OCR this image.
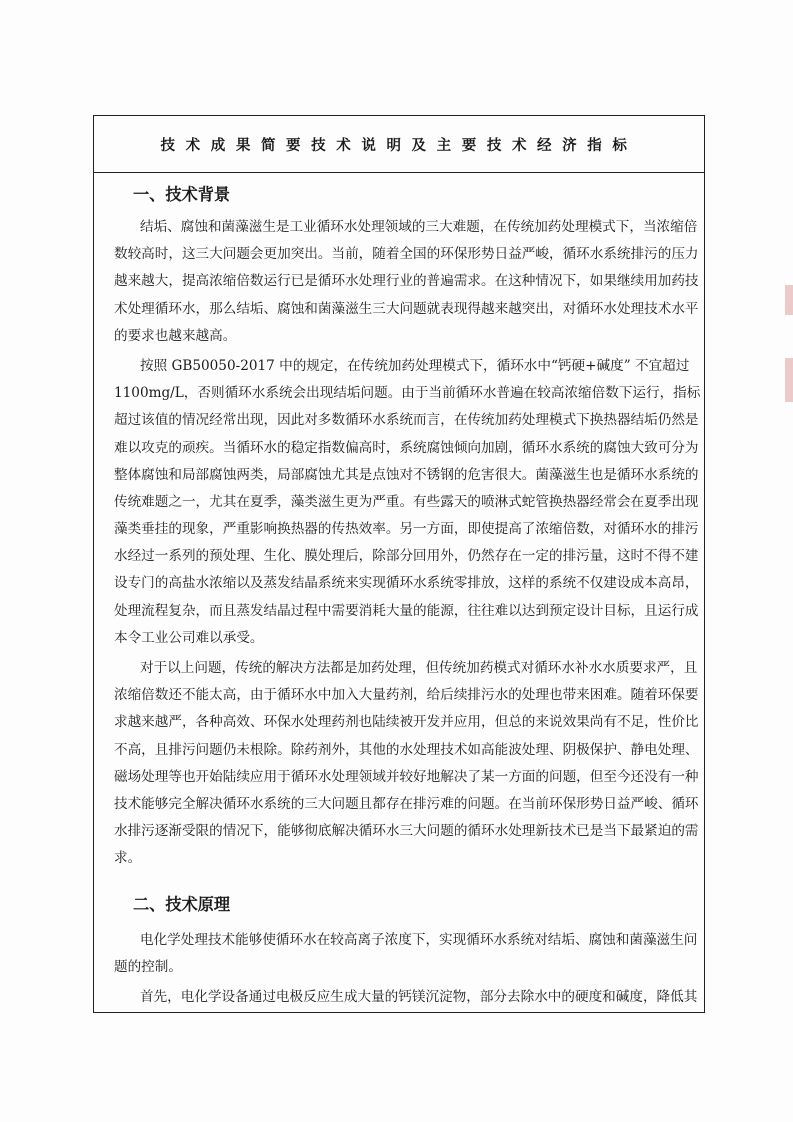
技术成果简要技术说明及主要技术经济指标
一、技术背景
结垢、腐蚀和菌藻滋生是工业循环水处理领域的三大难题，在传统加药处理模式下，当浓缩倍
数较高时，这三大问题会更加突出。当前，随着全国的环保形势日益严峻，循环水系统排污的压力
越来越大，提高浓缩倍数运行已是循环水处理行业的普遍需求。在这种情况下，如果继续用加药技
术处理循环水，那么结垢、腐蚀和菌藻滋生三大问题就表现得越来越突出，对循环水处理技术水平
的要求也越来越高。
按照 GB50050-2017 中的规定，在传统加药处理模式下，循环水中“钙硬+碱度” 不宜超过
1100mg/L，否则循环水系统会出现结垢问题。由于当前循环水普遍在较高浓缩倍数下运行，指标
超过该值的情况经常出现，因此对多数循环水系统而言，在传统加药处理模式下换热器结垢仍然是
难以攻克的顽疾。当循环水的稳定指数偏高时，系统腐蚀倾向加剧，循环水系统的腐蚀大致可分为
整体腐蚀和局部腐蚀两类，局部腐蚀尤其是点蚀对不锈钢的危害很大。菌藻滋生也是循环水系统的
传统难题之一，尤其在夏季，藻类滋生更为严重。有些露天的喷淋式蛇管换热器经常会在夏季出现
藻类垂挂的现象，严重影响换热器的传热效率。另一方面，即使提高了浓缩倍数，对循环水的排污
水经过一系列的预处理、生化、膜处理后，除部分回用外，仍然存在一定的排污量，这时不得不建
设专门的高盐水浓缩以及蒸发结晶系统来实现循环水系统零排放，这样的系统不仅建设成本高昂，
处理流程复杂，而且蒸发结晶过程中需要消耗大量的能源，往往难以达到预定设计目标，且运行成
本令工业公司难以承受。
对于以上问题，传统的解决方法都是加药处理，但传统加药模式对循环水补水水质要求严，且
浓缩倍数还不能太高，由于循环水中加入大量药剂，给后续排污水的处理也带来困难。随着环保要
求越来越严，各种高效、环保水处理药剂也陆续被开发并应用，但总的来说效果尚有不足，性价比
不高，且排污问题仍未根除。除药剂外，其他的水处理技术如高能波处理、阴极保护、静电处理、
磁场处理等也开始陆续应用于循环水处理领域并较好地解决了某一方面的问题，但至今还没有一种
技术能够完全解决循环水系统的三大问题且都存在排污难的问题。在当前环保形势日益严峻、循环
水排污逐渐受限的情况下，能够彻底解决循环水三大问题的循环水处理新技术已是当下最紧迫的需
求。
二、技术原理
电化学处理技术能够使循环水在较高离子浓度下，实现循环水系统对结垢、腐蚀和菌藻滋生问
题的控制。
首先，电化学设备通过电极反应生成大量的钙镁沉淀物，部分去除水中的硬度和碱度，降低其
